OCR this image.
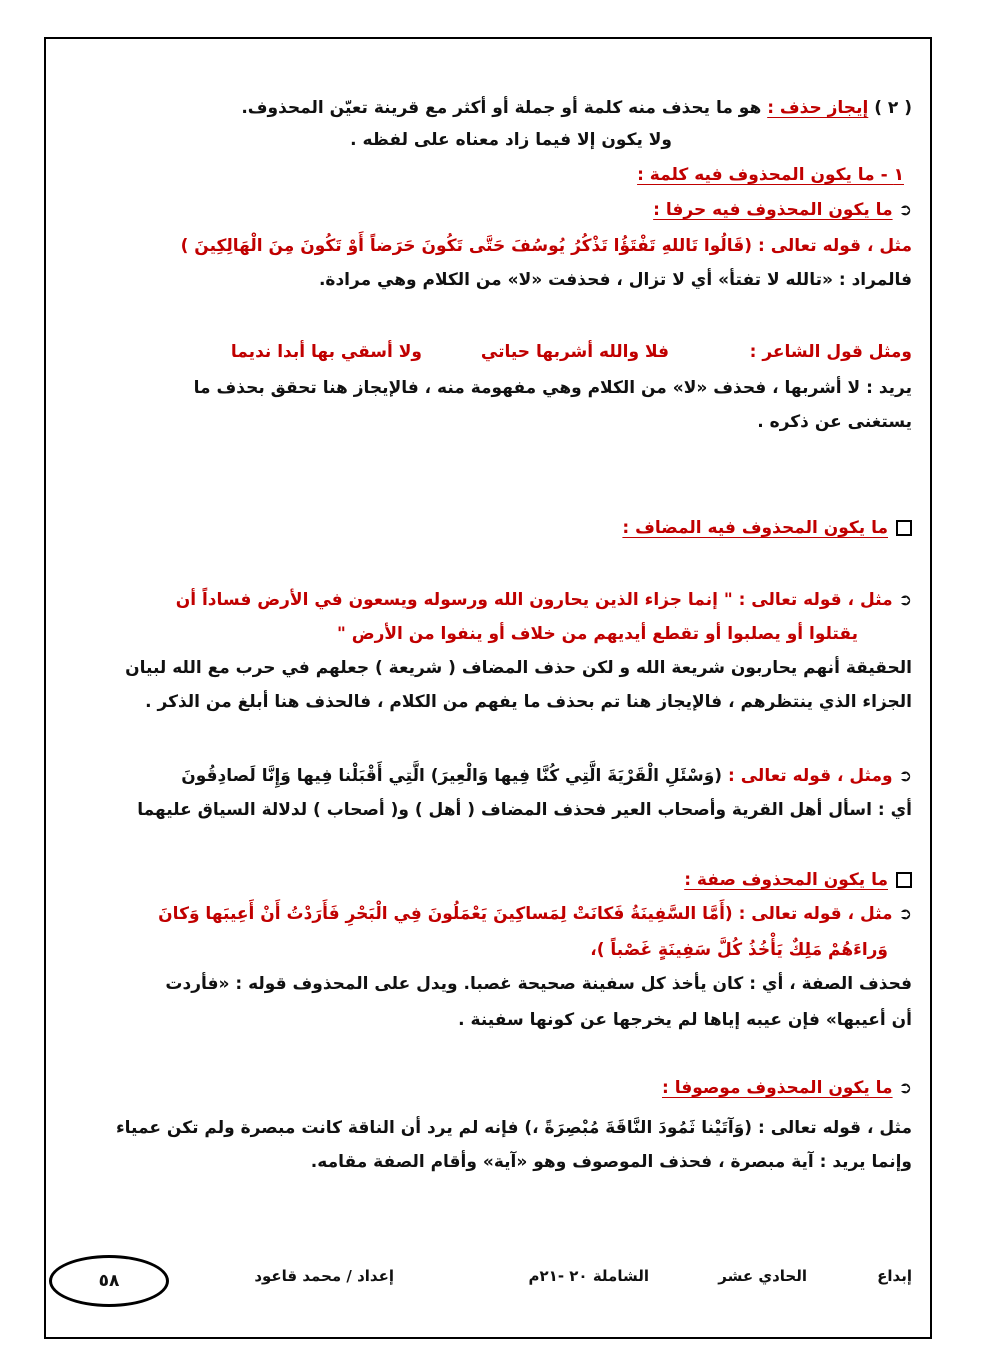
( ٢ ) إيجاز حذف : هو ما يحذف منه كلمة أو جملة أو أكثر مع قرينة تعيّن المحذوف.
ولا يكون إلا فيما زاد معناه على لفظه .
١ - ما يكون المحذوف فيه كلمة :
➲ما يكون المحذوف فيه حرفا :
مثل ، قوله تعالى : (قَالُوا تَاللهِ تَفْتَؤُا تَذْكُرُ يُوسُفَ حَتَّى تَكُونَ حَرَضاً أَوْ تَكُونَ مِنَ الْهَالِكِينَ )
فالمراد : «تالله لا تفتأ» أي لا تزال ، فحذفت «لا» من الكلام وهي مرادة.
ومثل قول الشاعر :
فلا والله أشربها حياتي
ولا أسقي بها أبدا نديما
يريد : لا أشربها ، فحذف «لا» من الكلام وهي مفهومة منه ، فالإيجاز هنا تحقق بحذف ما
يستغنى عن ذكره .
ما يكون المحذوف فيه المضاف :
➲مثل ، قوله تعالى : " إنما جزاء الذين يحارون الله ورسوله ويسعون في الأرض فساداً أن
يقتلوا أو يصلبوا أو تقطع أيديهم من خلاف أو ينفوا من الأرض "
الحقيقة أنهم يحاربون شريعة الله و لكن حذف المضاف ( شريعة ) جعلهم في حرب مع الله لبيان
الجزاء الذي ينتظرهم ، فالإيجاز هنا تم بحذف ما يفهم من الكلام ، فالحذف هنا أبلغ من الذكر .
➲ومثل ، قوله تعالى : (وَسْئَلِ الْقَرْيَةَ الَّتِي كُنَّا فِيها وَالْعِيرَ) الَّتِي أَقْبَلْنا فِيها وَإِنَّا لَصادِقُونَ
أي : اسأل أهل القرية وأصحاب العير فحذف المضاف ( أهل ) و( أصحاب ) لدلالة السياق عليهما
ما يكون المحذوف صفة :
➲مثل ، قوله تعالى : (أَمَّا السَّفِينَةُ فَكانَتْ لِمَساكِينَ يَعْمَلُونَ فِي الْبَحْرِ فَأَرَدْتُ أَنْ أَعِيبَها وَكانَ
وَراءَهُمْ مَلِكٌ يَأْخُذُ كُلَّ سَفِينَةٍ غَصْباً )،
فحذف الصفة ، أي : كان يأخذ كل سفينة صحيحة غصبا. ويدل على المحذوف قوله : «فأردت
أن أعيبها» فإن عيبه إياها لم يخرجها عن كونها سفينة .
➲ما يكون المحذوف موصوفا :
مثل ، قوله تعالى : (وَآتَيْنا ثَمُودَ النَّاقَةَ مُبْصِرَةً ،) فإنه لم يرد أن الناقة كانت مبصرة ولم تكن عمياء
وإنما يريد : آية مبصرة ، فحذف الموصوف وهو «آية» وأقام الصفة مقامه.
إبداع
الحادي عشر
الشاملة ٢٠ -٢١م
إعداد / محمد قاعود
٥٨
